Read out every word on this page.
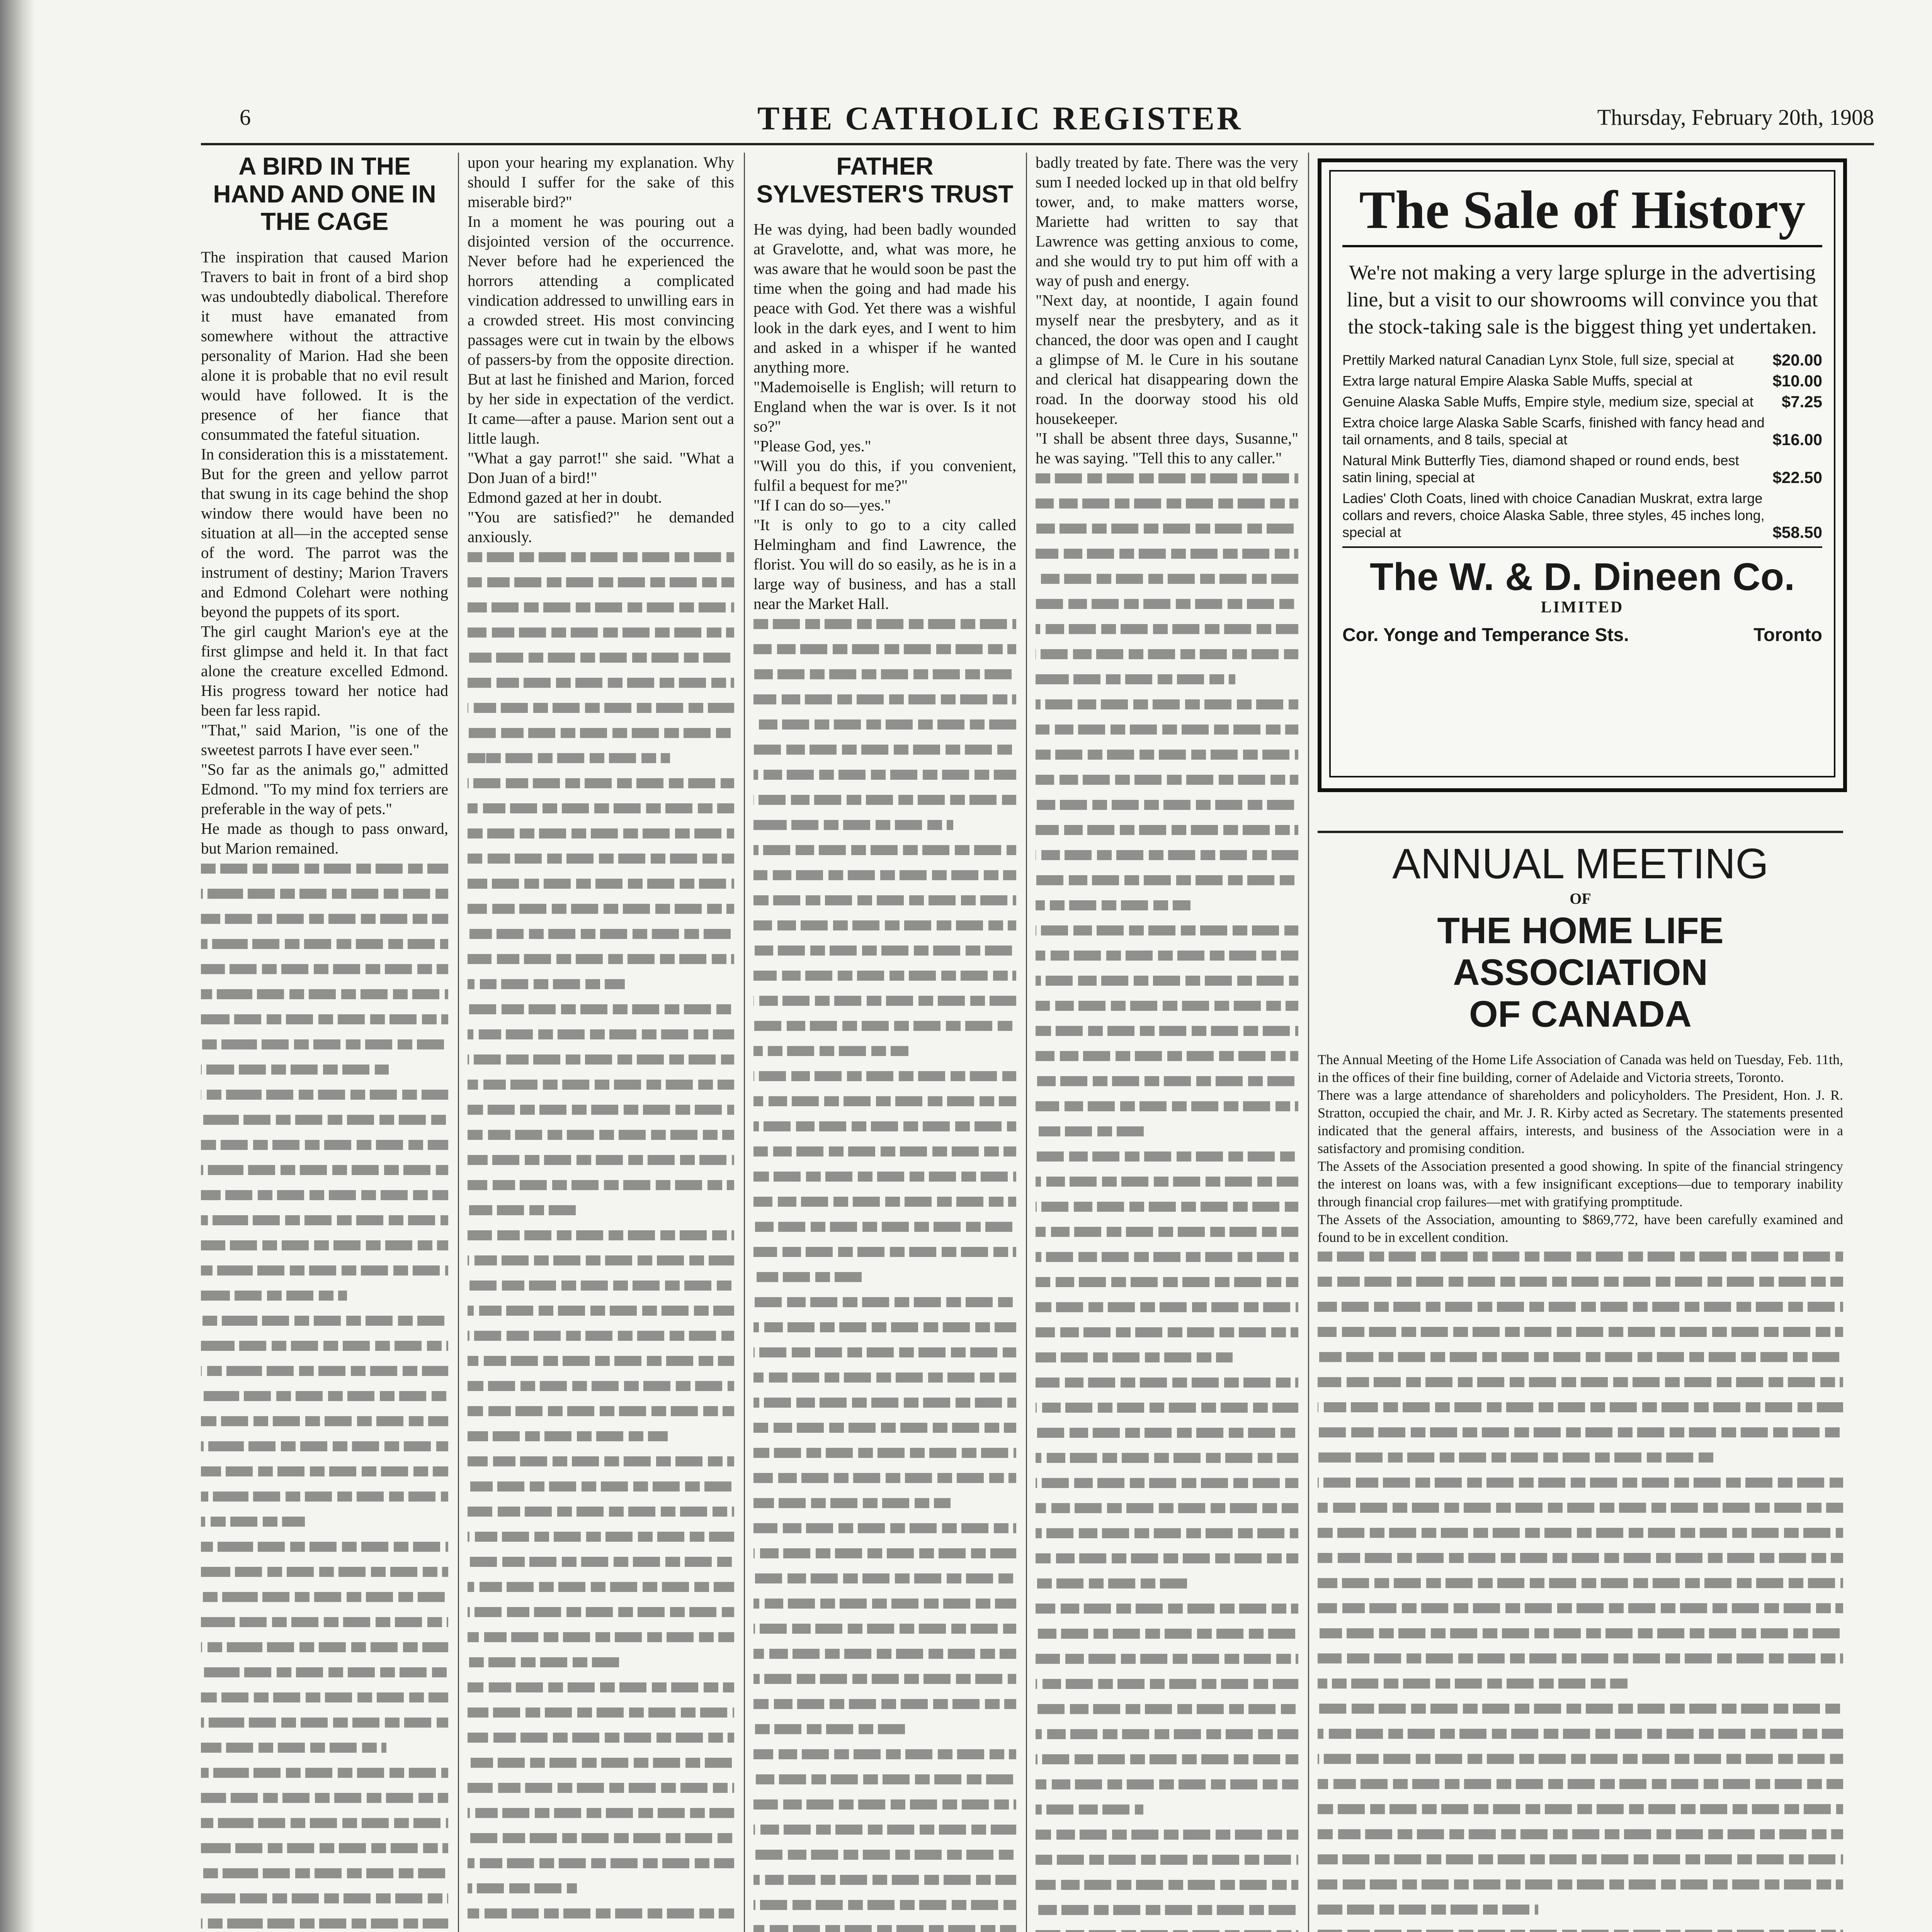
6	THE CATHOLIC REGISTER	Thursday, February 20th, 1908
A BIRD IN THE HAND AND ONE IN THE CAGE

The inspiration that caused Marion Travers to bait in front of a bird shop was undoubtedly diabolical. Therefore it must have emanated from somewhere without the attractive personality of Marion. Had she been alone it is probable that no evil result would have followed. It is the presence of her fiance that consummated the fateful situation.
In consideration this is a misstatement. But for the green and yellow parrot that swung in its cage behind the shop window there would have been no situation at all—in the accepted sense of the word. The parrot was the instrument of destiny; Marion Travers and Edmond Colehart were nothing beyond the puppets of its sport.
The girl caught Marion's eye at the first glimpse and held it. In that fact alone the creature excelled Edmond. His progress toward her notice had been far less rapid.
"That," said Marion, "is one of the sweetest parrots I have ever seen."
"So far as the animals go," admitted Edmond. "To my mind fox terriers are preferable in the way of pets."
He made as though to pass onward, but Marion remained.

upon your hearing my explanation. Why should I suffer for the sake of this miserable bird?"
In a moment he was pouring out a disjointed version of the occurrence. Never before had he experienced the horrors attending a complicated vindication addressed to unwilling ears in a crowded street. His most convincing passages were cut in twain by the elbows of passers-by from the opposite direction. But at last he finished and Marion, forced by her side in expectation of the verdict. It came—after a pause. Marion sent out a little laugh.
"What a gay parrot!" she said. "What a Don Juan of a bird!"
Edmond gazed at her in doubt.
"You are satisfied?" he demanded anxiously.

FATHER SYLVESTER'S TRUST

He was dying, had been badly wounded at Gravelotte, and, what was more, he was aware that he would soon be past the time when the going and had made his peace with God. Yet there was a wishful look in the dark eyes, and I went to him and asked in a whisper if he wanted anything more.
"Mademoiselle is English; will return to England when the war is over. Is it not so?"
"Please God, yes."
"Will you do this, if you convenient, fulfil a bequest for me?"
"If I can do so—yes."
"It is only to go to a city called Helmingham and find Lawrence, the florist. You will do so easily, as he is in a large way of business, and has a stall near the Market Hall.

badly treated by fate. There was the very sum I needed locked up in that old belfry tower, and, to make matters worse, Mariette had written to say that Lawrence was getting anxious to come, and she would try to put him off with a way of push and energy.
"Next day, at noontide, I again found myself near the presbytery, and as it chanced, the door was open and I caught a glimpse of M. le Cure in his soutane and clerical hat disappearing down the road. In the doorway stood his old housekeeper.
"I shall be absent three days, Susanne," he was saying. "Tell this to any caller."

The Sale of History
We're not making a very large splurge in the advertising line, but a visit to our showrooms will convince you that the stock-taking sale is the biggest thing yet undertaken.
Prettily Marked natural Canadian Lynx Stole, full size, special at	$20.00
Extra large natural Empire Alaska Sable Muffs, special at	$10.00
Genuine Alaska Sable Muffs, Empire style, medium size, special at	$7.25
Extra choice large Alaska Sable Scarfs, finished with fancy head and tail ornaments, and 8 tails, special at	$16.00
Natural Mink Butterfly Ties, diamond shaped or round ends, best satin lining, special at	$22.50
Ladies' Cloth Coats, lined with choice Canadian Muskrat, extra large collars and revers, choice Alaska Sable, three styles, 45 inches long, special at	$58.50
The W. & D. Dineen Co.
LIMITED
Cor. Yonge and Temperance Sts.	Toronto
ANNUAL MEETING
OF
THE HOME LIFE ASSOCIATION
OF CANADA

The Annual Meeting of the Home Life Association of Canada was held on Tuesday, Feb. 11th, in the offices of their fine building, corner of Adelaide and Victoria streets, Toronto.
There was a large attendance of shareholders and policyholders. The President, Hon. J. R. Stratton, occupied the chair, and Mr. J. R. Kirby acted as Secretary. The statements presented indicated that the general affairs, interests, and business of the Association were in a satisfactory and promising condition.
The Assets of the Association presented a good showing. In spite of the financial stringency the interest on loans was, with a few insignificant exceptions—due to temporary inability through financial crop failures—met with gratifying promptitude.
The Assets of the Association, amounting to $869,772, have been carefully examined and found to be in excellent condition.
